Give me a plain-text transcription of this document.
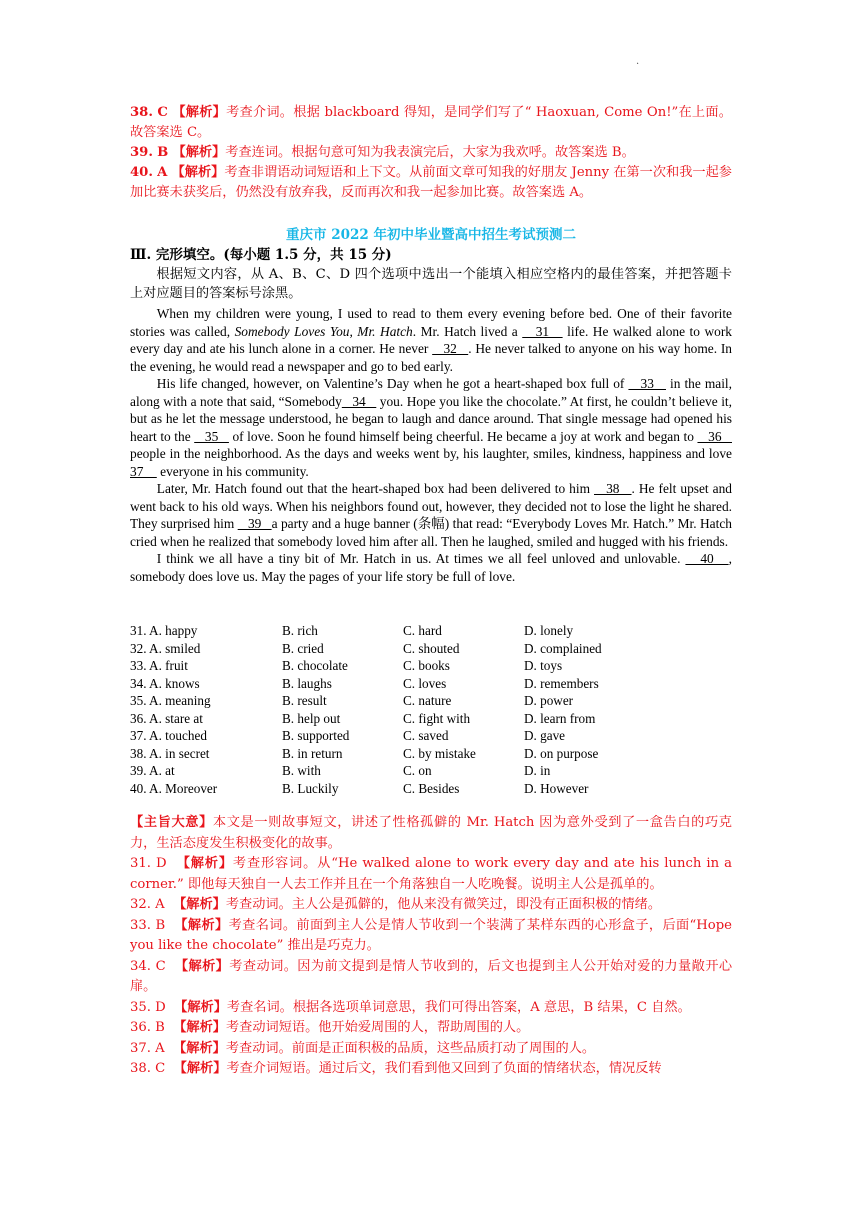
.
38. C 【解析】考查介词。根据 blackboard 得知，是同学们写了“ Haoxuan, Come On!”在上面。故答案选 C。
39. B 【解析】考查连词。根据句意可知为我表演完后，大家为我欢呼。故答案选 B。
40. A 【解析】考查非谓语动词短语和上下文。从前面文章可知我的好朋友 Jenny 在第一次和我一起参加比赛未获奖后，仍然没有放弃我，反而再次和我一起参加比赛。故答案选 A。
重庆市 2022 年初中毕业暨高中招生考试预测二
Ⅲ. 完形填空。(每小题 1.5 分，共 15 分)
根据短文内容，从 A、B、C、D 四个选项中选出一个能填入相应空格内的最佳答案，并把答题卡上对应题目的答案标号涂黑。
When my children were young, I used to read to them every evening before bed. One of their favorite stories was called, Somebody Loves You, Mr. Hatch. Mr. Hatch lived a    31    life. He walked alone to work every day and ate his lunch alone in a corner. He never    32   . He never talked to anyone on his way home. In the evening, he would read a newspaper and go to bed early.
His life changed, however, on Valentine’s Day when he got a heart-shaped box full of    33    in the mail, along with a note that said, “Somebody   34    you. Hope you like the chocolate.” At first, he couldn’t believe it, but as he let the message understood, he began to laugh and dance around. That single message had opened his heart to the    35    of love. Soon he found himself being cheerful. He became a joy at work and began to    36    people in the neighborhood. As the days and weeks went by, his laughter, smiles, kindness, happiness and love 37     everyone in his community.
Later, Mr. Hatch found out that the heart-shaped box had been delivered to him    38   . He felt upset and went back to his old ways. When his neighbors found out, however, they decided not to lose the light he shared. They surprised him    39   a party and a huge banner (条幅) that read: “Everybody Loves Mr. Hatch.” Mr. Hatch cried when he realized that somebody loved him after all. Then he laughed, smiled and hugged with his friends.
I think we all have a tiny bit of Mr. Hatch in us. At times we all feel unloved and unlovable.    40   , somebody does love us. May the pages of your life story be full of love.
31. A. happy	B. rich	C. hard	D. lonely
32. A. smiled	B. cried	C. shouted	D. complained
33. A. fruit	B. chocolate	C. books	D. toys
34. A. knows	B. laughs	C. loves	D. remembers
35. A. meaning	B. result	C. nature	D. power
36. A. stare at	B. help out	C. fight with	D. learn from
37. A. touched	B. supported	C. saved	D. gave
38. A. in secret	B. in return	C. by mistake	D. on purpose
39. A. at	B. with	C. on	D. in
40. A. Moreover	B. Luckily	C. Besides	D. However
【主旨大意】本文是一则故事短文，讲述了性格孤僻的 Mr. Hatch 因为意外受到了一盒告白的巧克力，生活态度发生积极变化的故事。
31. D 【解析】考查形容词。从“He walked alone to work every day and ate his lunch in a corner.” 即他每天独自一人去工作并且在一个角落独自一人吃晚餐。说明主人公是孤单的。
32. A 【解析】考查动词。主人公是孤僻的，他从来没有微笑过，即没有正面积极的情绪。
33. B 【解析】考查名词。前面到主人公是情人节收到一个装满了某样东西的心形盒子，后面“Hope you like the chocolate” 推出是巧克力。
34. C 【解析】考查动词。因为前文提到是情人节收到的，后文也提到主人公开始对爱的力量敞开心扉。
35. D 【解析】考查名词。根据各选项单词意思，我们可得出答案，A 意思，B 结果，C 自然。
36. B 【解析】考查动词短语。他开始爱周围的人，帮助周围的人。
37. A 【解析】考查动词。前面是正面积极的品质，这些品质打动了周围的人。
38. C 【解析】考查介词短语。通过后文，我们看到他又回到了负面的情绪状态，情况反转
